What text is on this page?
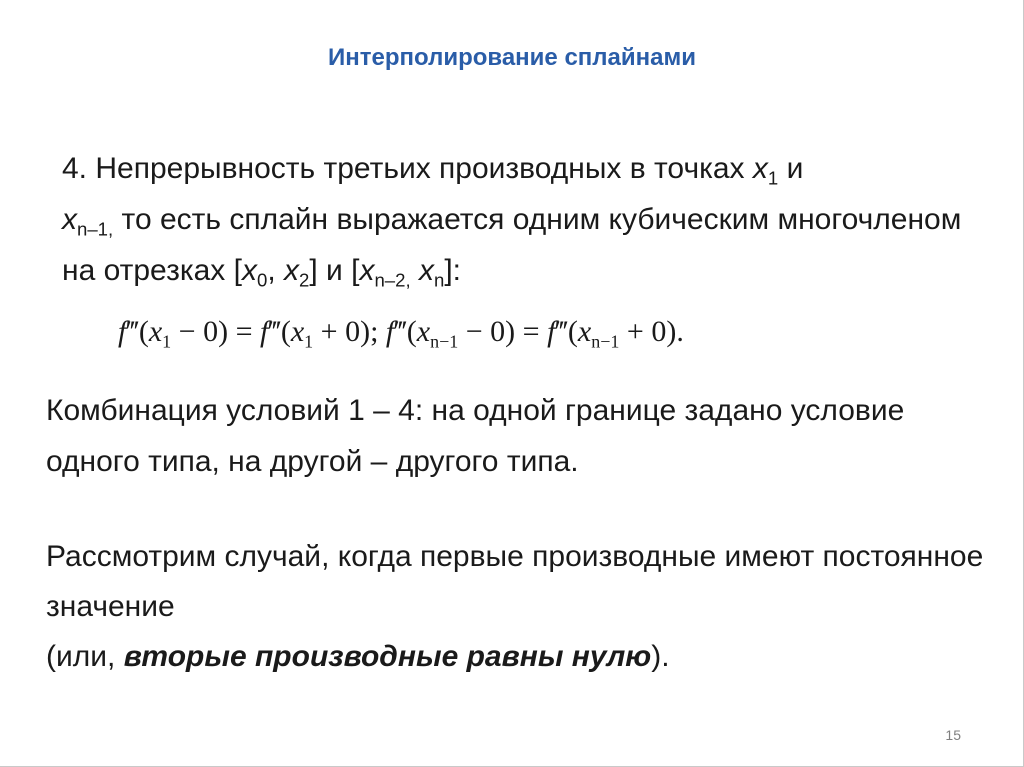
Интерполирование сплайнами
4. Непрерывность третьих производных в точках $x_1$ и
$x_{n-1,}$ то есть сплайн выражается одним кубическим многочленом на отрезках [$x_0$, $x_2$] и [$x_{n-2,}$ $x_n$]:
$f‴(x_1 - 0)$ = $f‴(x_1 + 0)$; $f‴(x_{n-1} - 0)$ = $f‴(x_{n-1} + 0)$.
Комбинация условий 1 – 4: на одной границе задано условие одного типа, на другой – другого типа.
Рассмотрим случай, когда первые производные имеют постоянное значение
(или, вторые производные равны нулю).
15
